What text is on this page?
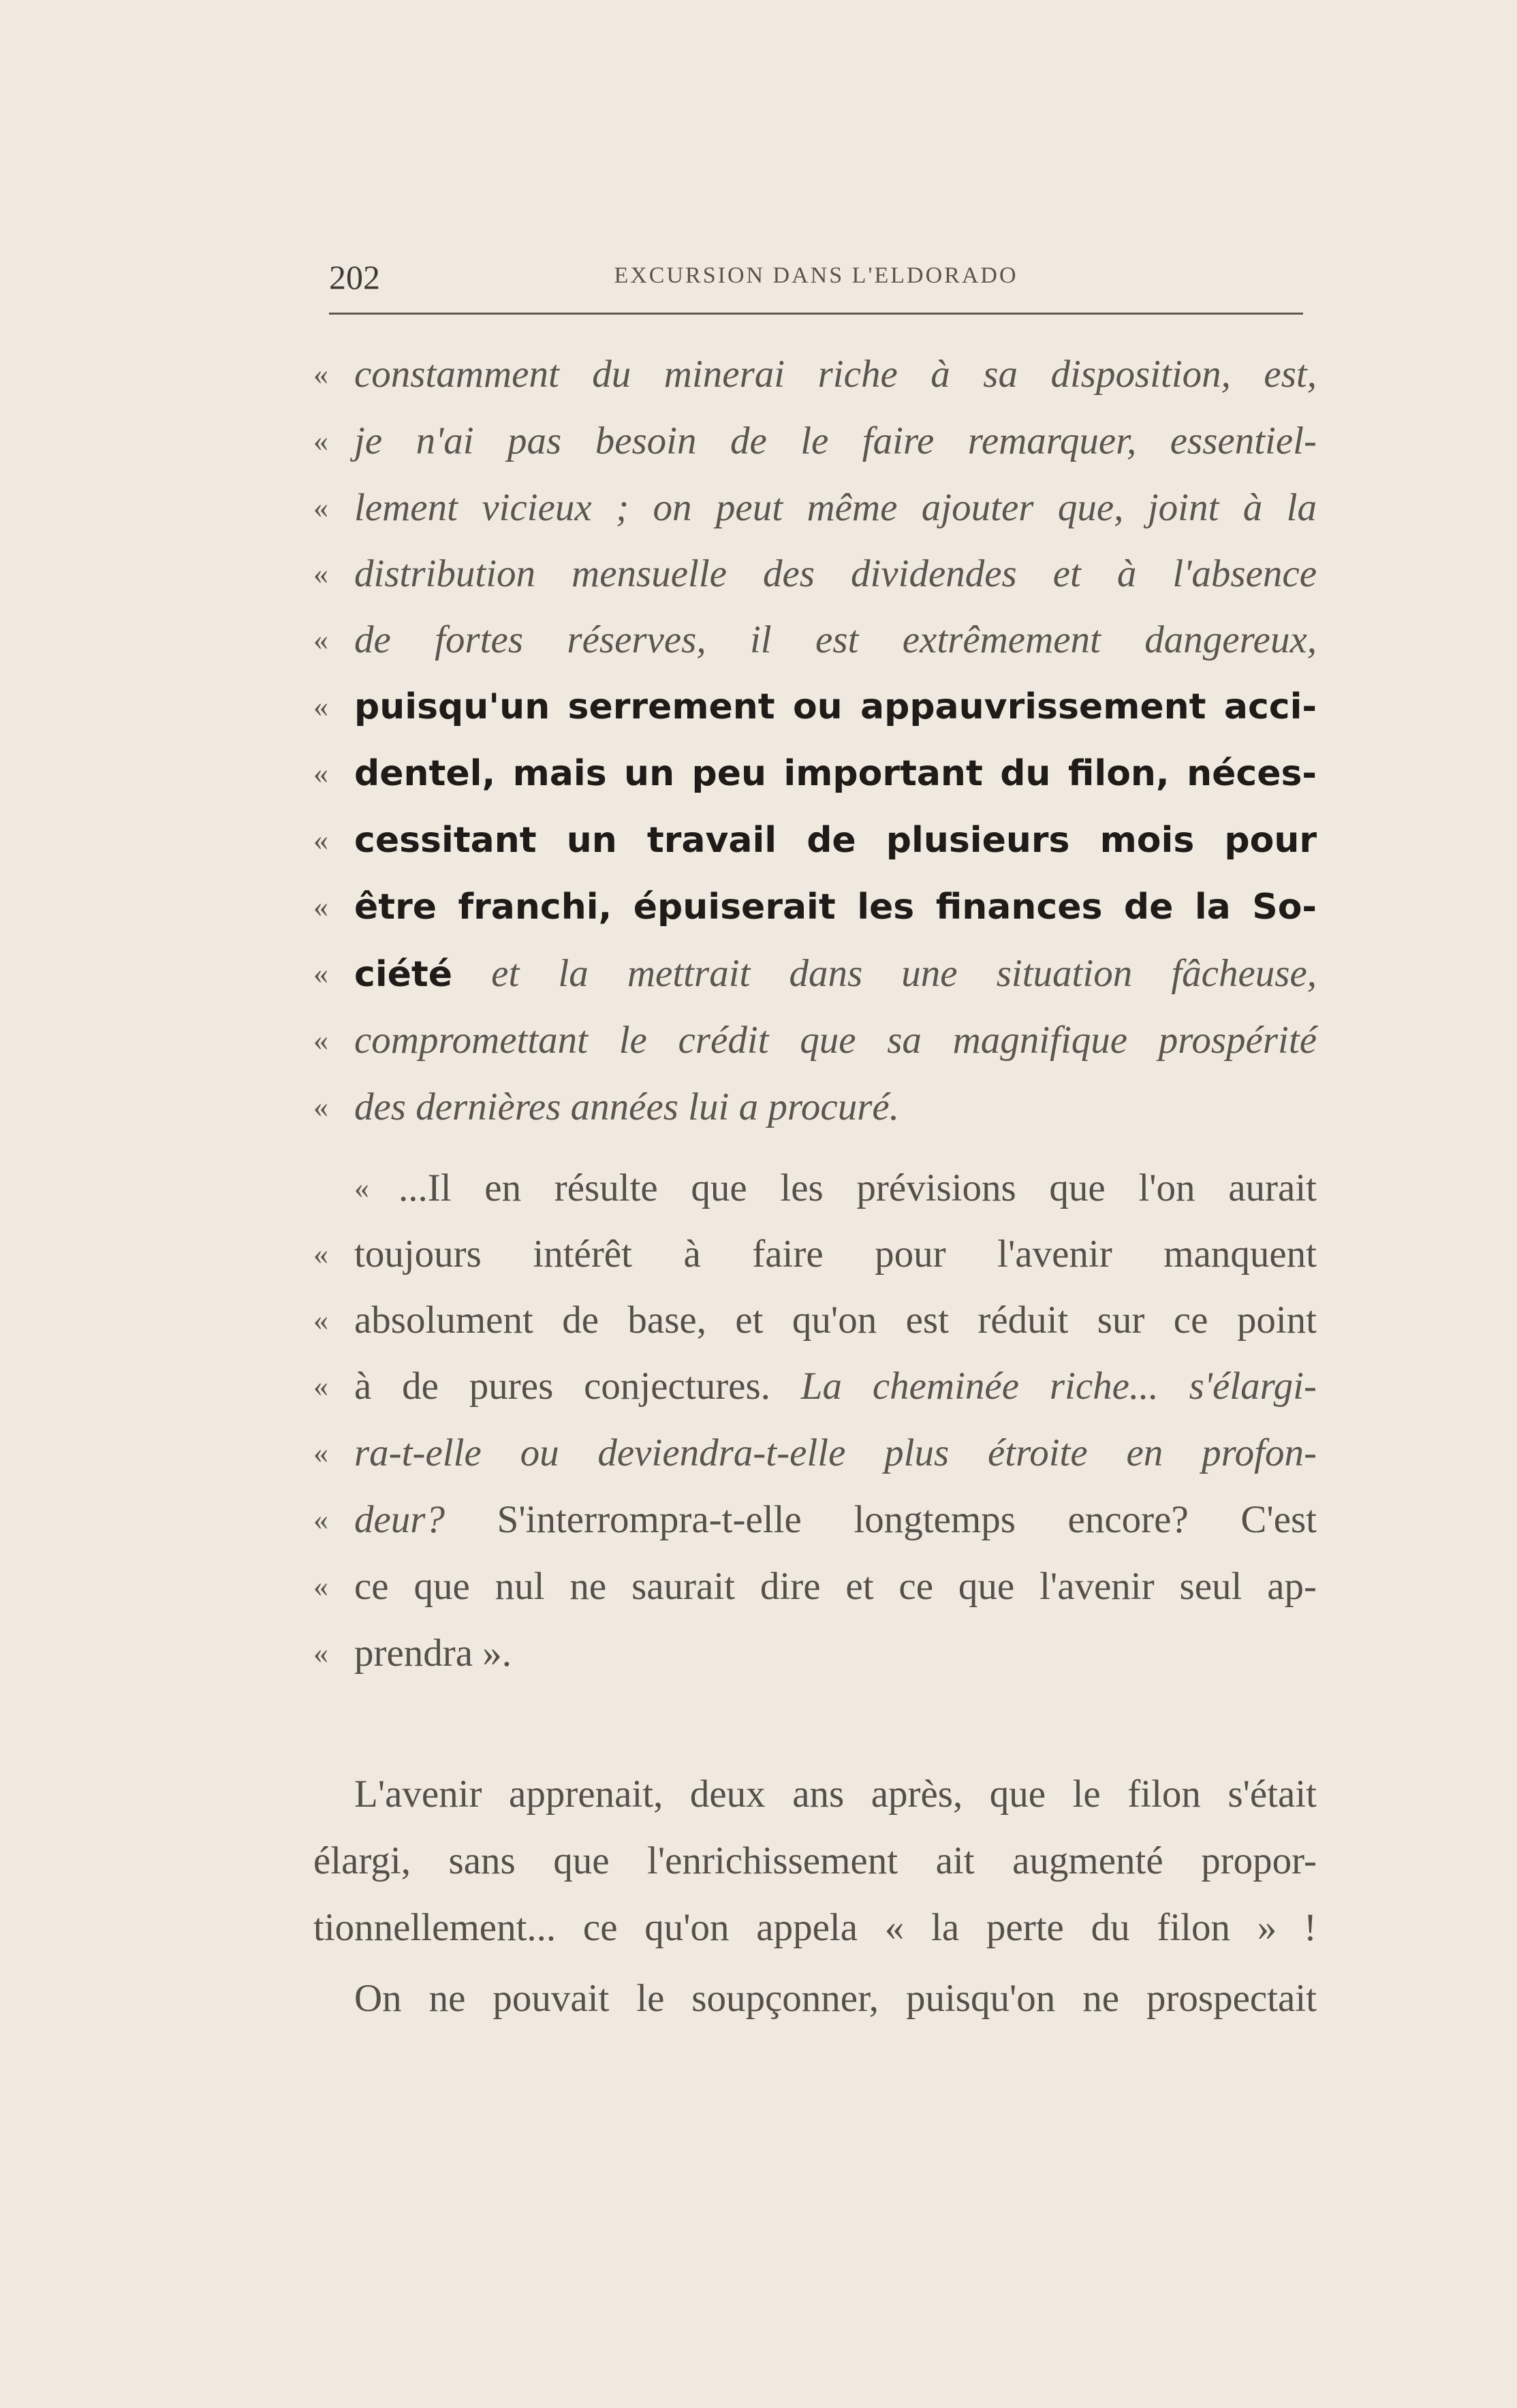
202	EXCURSION DANS L'ELDORADO
« constamment du minerai riche à sa disposition, est,
« je n'ai pas besoin de le faire remarquer, essentiel-
« lement vicieux ; on peut même ajouter que, joint à la
« distribution mensuelle des dividendes et à l'absence
« de fortes réserves, il est extrêmement dangereux,
« puisqu'un serrement ou appauvrissement acci-
« dentel, mais un peu important du filon, néces-
« cessitant un travail de plusieurs mois pour
« être franchi, épuiserait les finances de la So-
« ciété et la mettrait dans une situation fâcheuse,
« compromettant le crédit que sa magnifique prospérité
« des dernières années lui a procuré.
« ...Il en résulte que les prévisions que l'on aurait
« toujours intérêt à faire pour l'avenir manquent
« absolument de base, et qu'on est réduit sur ce point
« à de pures conjectures. La cheminée riche... s'élargi-
« ra-t-elle ou deviendra-t-elle plus étroite en profon-
« deur? S'interrompra-t-elle longtemps encore? C'est
« ce que nul ne saurait dire et ce que l'avenir seul ap-
« prendra ».
L'avenir apprenait, deux ans après, que le filon s'était
élargi, sans que l'enrichissement ait augmenté propor-
tionnellement... ce qu'on appela « la perte du filon » !
On ne pouvait le soupçonner, puisqu'on ne prospectait
